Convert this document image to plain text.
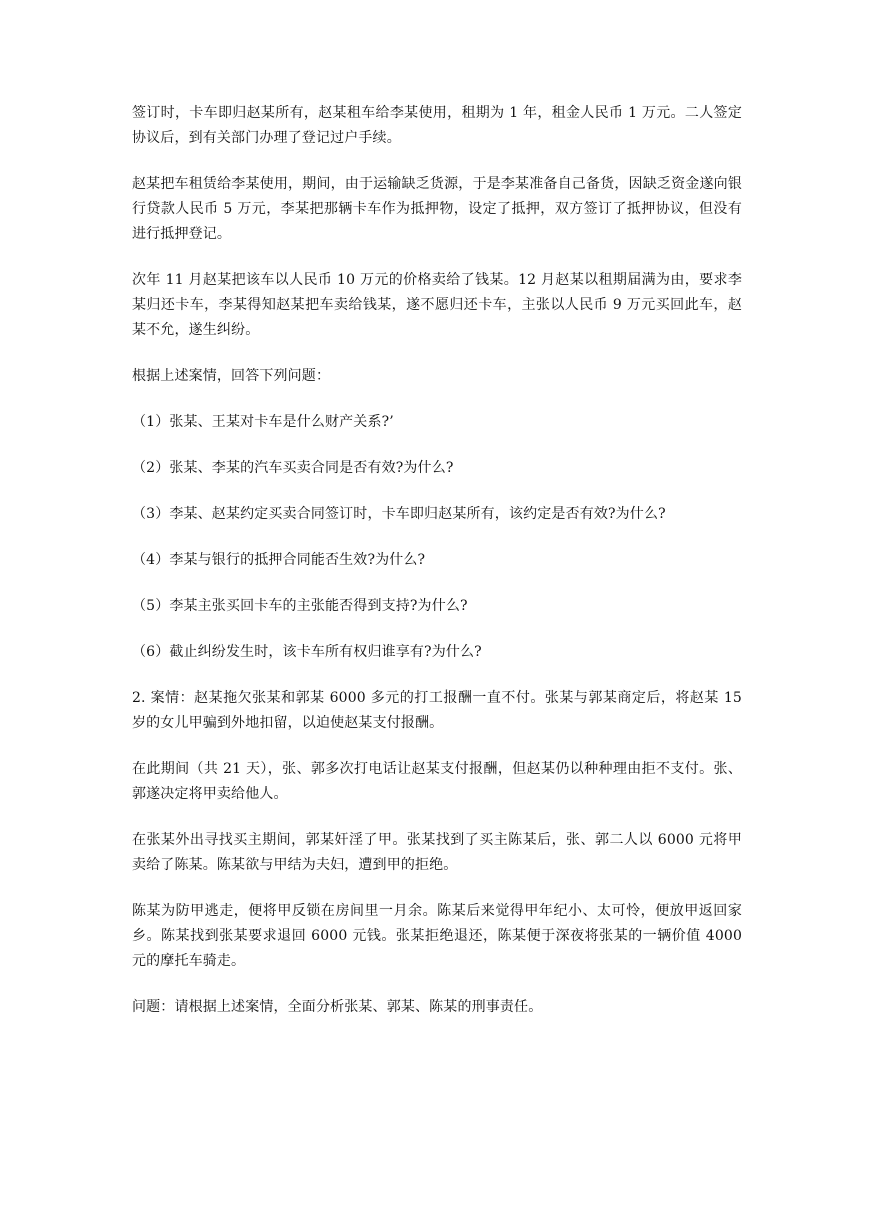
签订时，卡车即归赵某所有，赵某租车给李某使用，租期为 1 年，租金人民币 1 万元。二人签定协议后，到有关部门办理了登记过户手续。

赵某把车租赁给李某使用，期间，由于运输缺乏货源，于是李某准备自己备货，因缺乏资金遂向银行贷款人民币 5 万元，李某把那辆卡车作为抵押物，设定了抵押，双方签订了抵押协议，但没有进行抵押登记。

次年 11 月赵某把该车以人民币 10 万元的价格卖给了钱某。12 月赵某以租期届满为由，要求李某归还卡车，李某得知赵某把车卖给钱某，遂不愿归还卡车，主张以人民币 9 万元买回此车，赵某不允，遂生纠纷。

根据上述案情，回答下列问题：

（1）张某、王某对卡车是什么财产关系?’

（2）张某、李某的汽车买卖合同是否有效?为什么?

（3）李某、赵某约定买卖合同签订时，卡车即归赵某所有，该约定是否有效?为什么?

（4）李某与银行的抵押合同能否生效?为什么?

（5）李某主张买回卡车的主张能否得到支持?为什么?

（6）截止纠纷发生时，该卡车所有权归谁享有?为什么?

2. 案情：赵某拖欠张某和郭某 6000 多元的打工报酬一直不付。张某与郭某商定后，将赵某 15 岁的女儿甲骗到外地扣留，以迫使赵某支付报酬。

在此期间（共 21 天），张、郭多次打电话让赵某支付报酬，但赵某仍以种种理由拒不支付。张、郭遂决定将甲卖给他人。

在张某外出寻找买主期间，郭某奸淫了甲。张某找到了买主陈某后，张、郭二人以 6000 元将甲卖给了陈某。陈某欲与甲结为夫妇，遭到甲的拒绝。

陈某为防甲逃走，便将甲反锁在房间里一月余。陈某后来觉得甲年纪小、太可怜，便放甲返回家乡。陈某找到张某要求退回 6000 元钱。张某拒绝退还，陈某便于深夜将张某的一辆价值 4000 元的摩托车骑走。

问题：请根据上述案情，全面分析张某、郭某、陈某的刑事责任。
